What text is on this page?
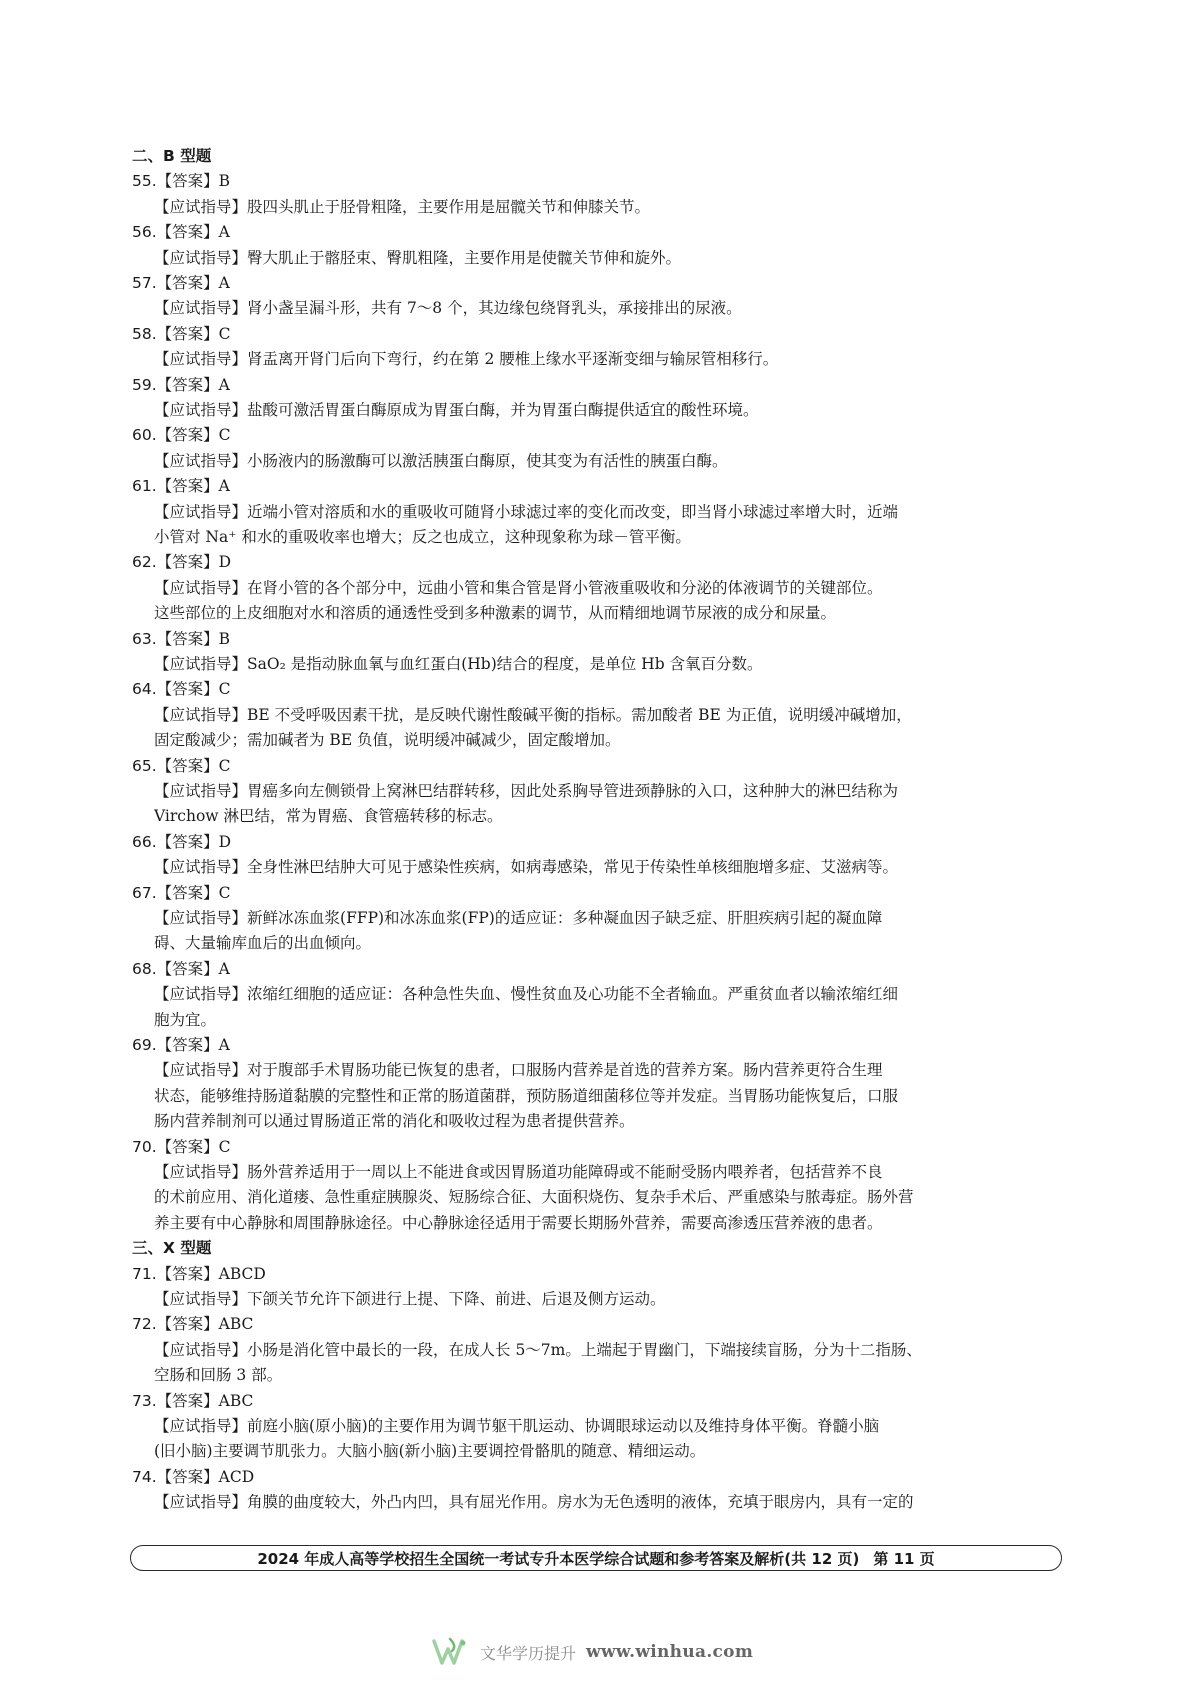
二、B 型题
55.【答案】B
【应试指导】股四头肌止于胫骨粗隆，主要作用是屈髋关节和伸膝关节。
56.【答案】A
【应试指导】臀大肌止于髂胫束、臀肌粗隆，主要作用是使髋关节伸和旋外。
57.【答案】A
【应试指导】肾小盏呈漏斗形，共有 7～8 个，其边缘包绕肾乳头，承接排出的尿液。
58.【答案】C
【应试指导】肾盂离开肾门后向下弯行，约在第 2 腰椎上缘水平逐渐变细与输尿管相移行。
59.【答案】A
【应试指导】盐酸可激活胃蛋白酶原成为胃蛋白酶，并为胃蛋白酶提供适宜的酸性环境。
60.【答案】C
【应试指导】小肠液内的肠激酶可以激活胰蛋白酶原，使其变为有活性的胰蛋白酶。
61.【答案】A
【应试指导】近端小管对溶质和水的重吸收可随肾小球滤过率的变化而改变，即当肾小球滤过率增大时，近端
小管对 Na⁺ 和水的重吸收率也增大；反之也成立，这种现象称为球－管平衡。
62.【答案】D
【应试指导】在肾小管的各个部分中，远曲小管和集合管是肾小管液重吸收和分泌的体液调节的关键部位。
这些部位的上皮细胞对水和溶质的通透性受到多种激素的调节，从而精细地调节尿液的成分和尿量。
63.【答案】B
【应试指导】SaO₂ 是指动脉血氧与血红蛋白(Hb)结合的程度，是单位 Hb 含氧百分数。
64.【答案】C
【应试指导】BE 不受呼吸因素干扰，是反映代谢性酸碱平衡的指标。需加酸者 BE 为正值，说明缓冲碱增加，
固定酸减少；需加碱者为 BE 负值，说明缓冲碱减少，固定酸增加。
65.【答案】C
【应试指导】胃癌多向左侧锁骨上窝淋巴结群转移，因此处系胸导管进颈静脉的入口，这种肿大的淋巴结称为
Virchow 淋巴结，常为胃癌、食管癌转移的标志。
66.【答案】D
【应试指导】全身性淋巴结肿大可见于感染性疾病，如病毒感染，常见于传染性单核细胞增多症、艾滋病等。
67.【答案】C
【应试指导】新鲜冰冻血浆(FFP)和冰冻血浆(FP)的适应证：多种凝血因子缺乏症、肝胆疾病引起的凝血障
碍、大量输库血后的出血倾向。
68.【答案】A
【应试指导】浓缩红细胞的适应证：各种急性失血、慢性贫血及心功能不全者输血。严重贫血者以输浓缩红细
胞为宜。
69.【答案】A
【应试指导】对于腹部手术胃肠功能已恢复的患者，口服肠内营养是首选的营养方案。肠内营养更符合生理
状态，能够维持肠道黏膜的完整性和正常的肠道菌群，预防肠道细菌移位等并发症。当胃肠功能恢复后，口服
肠内营养制剂可以通过胃肠道正常的消化和吸收过程为患者提供营养。
70.【答案】C
【应试指导】肠外营养适用于一周以上不能进食或因胃肠道功能障碍或不能耐受肠内喂养者，包括营养不良
的术前应用、消化道瘘、急性重症胰腺炎、短肠综合征、大面积烧伤、复杂手术后、严重感染与脓毒症。肠外营
养主要有中心静脉和周围静脉途径。中心静脉途径适用于需要长期肠外营养，需要高渗透压营养液的患者。
三、X 型题
71.【答案】ABCD
【应试指导】下颌关节允许下颌进行上提、下降、前进、后退及侧方运动。
72.【答案】ABC
【应试指导】小肠是消化管中最长的一段，在成人长 5～7m。上端起于胃幽门，下端接续盲肠，分为十二指肠、
空肠和回肠 3 部。
73.【答案】ABC
【应试指导】前庭小脑(原小脑)的主要作用为调节躯干肌运动、协调眼球运动以及维持身体平衡。脊髓小脑
(旧小脑)主要调节肌张力。大脑小脑(新小脑)主要调控骨骼肌的随意、精细运动。
74.【答案】ACD
【应试指导】角膜的曲度较大，外凸内凹，具有屈光作用。房水为无色透明的液体，充填于眼房内，具有一定的
2024 年成人高等学校招生全国统一考试专升本医学综合试题和参考答案及解析(共 12 页) 第 11 页
文华学历提升 www.winhua.com
